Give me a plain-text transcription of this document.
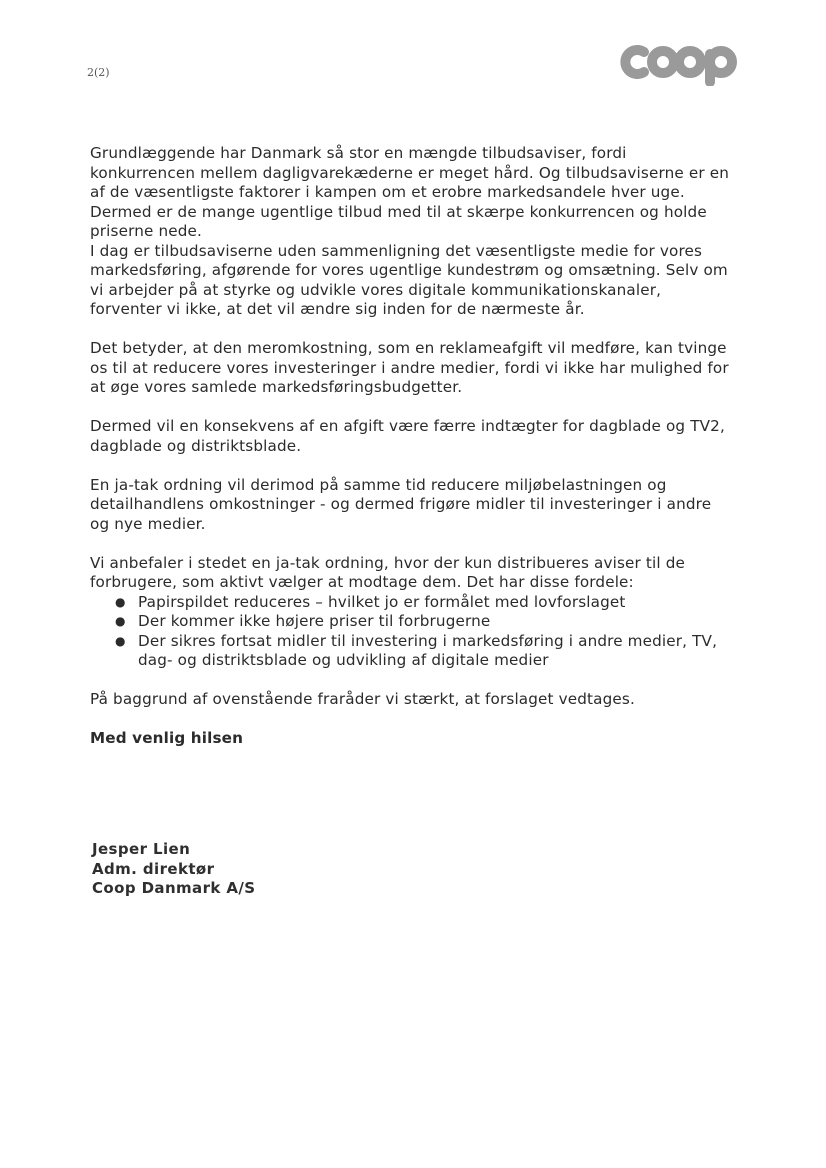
2(2)

Grundlæggende har Danmark så stor en mængde tilbudsaviser, fordi konkurrencen mellem dagligvarekæderne er meget hård. Og tilbudsaviserne er en af de væsentligste faktorer i kampen om et erobre markedsandele hver uge. Dermed er de mange ugentlige tilbud med til at skærpe konkurrencen og holde priserne nede.

I dag er tilbudsaviserne uden sammenligning det væsentligste medie for vores markedsføring, afgørende for vores ugentlige kundestrøm og omsætning. Selv om vi arbejder på at styrke og udvikle vores digitale kommunikationskanaler, forventer vi ikke, at det vil ændre sig inden for de nærmeste år.

Det betyder, at den meromkostning, som en reklameafgift vil medføre, kan tvinge os til at reducere vores investeringer i andre medier, fordi vi ikke har mulighed for at øge vores samlede markedsføringsbudgetter.

Dermed vil en konsekvens af en afgift være færre indtægter for dagblade og TV2, dagblade og distriktsblade.

En ja-tak ordning vil derimod på samme tid reducere miljøbelastningen og detailhandlens omkostninger - og dermed frigøre midler til investeringer i andre og nye medier.

Vi anbefaler i stedet en ja-tak ordning, hvor der kun distribueres aviser til de forbrugere, som aktivt vælger at modtage dem. Det har disse fordele:

● Papirspildet reduceres – hvilket jo er formålet med lovforslaget
● Der kommer ikke højere priser til forbrugerne
● Der sikres fortsat midler til investering i markedsføring i andre medier, TV, dag- og distriktsblade og udvikling af digitale medier

På baggrund af ovenstående fraråder vi stærkt, at forslaget vedtages.

Med venlig hilsen

Jesper Lien
Adm. direktør
Coop Danmark A/S
